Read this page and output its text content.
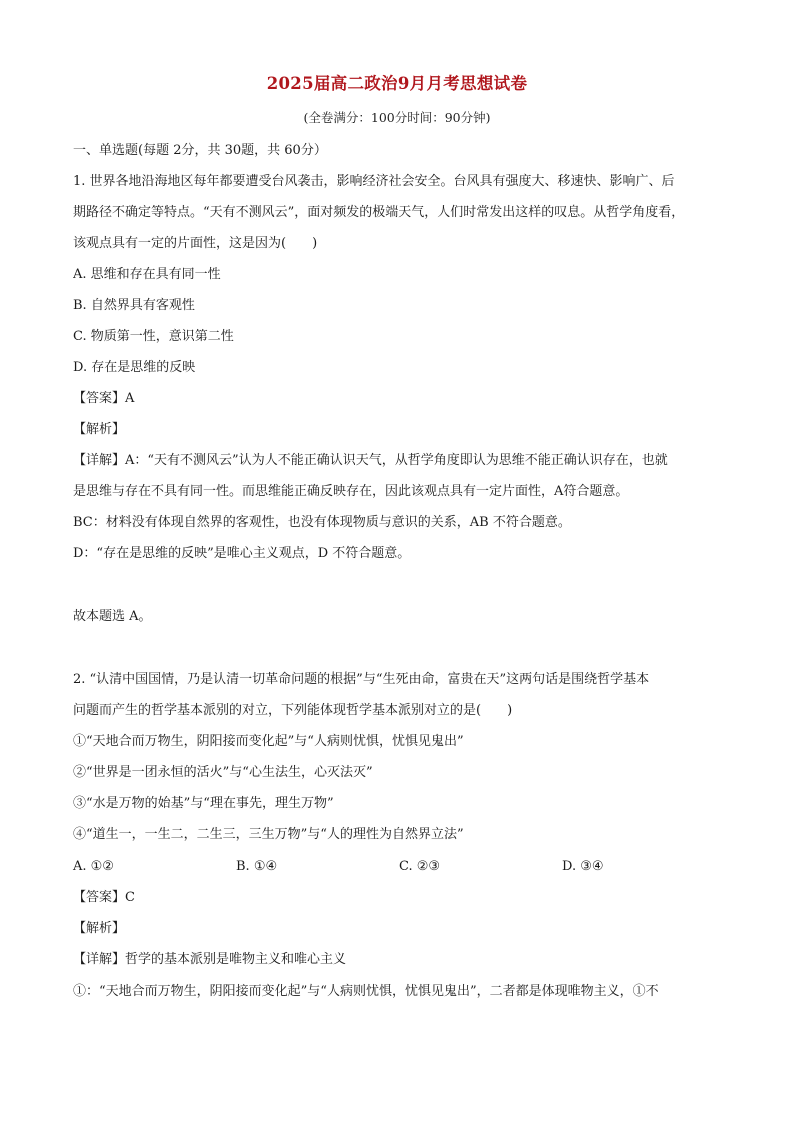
2025届高二政治9月月考思想试卷
(全卷满分：100分时间：90分钟)
一、单选题(每题 2分，共 30题，共 60分）
1. 世界各地沿海地区每年都要遭受台风袭击，影响经济社会安全。台风具有强度大、移速快、影响广、后
期路径不确定等特点。“天有不测风云”，面对频发的极端天气，人们时常发出这样的叹息。从哲学角度看，
该观点具有一定的片面性，这是因为(　　)
A. 思维和存在具有同一性
B. 自然界具有客观性
C. 物质第一性，意识第二性
D. 存在是思维的反映
【答案】A
【解析】
【详解】A：“天有不测风云”认为人不能正确认识天气，从哲学角度即认为思维不能正确认识存在，也就
是思维与存在不具有同一性。而思维能正确反映存在，因此该观点具有一定片面性，A符合题意。
BC：材料没有体现自然界的客观性，也没有体现物质与意识的关系，AB 不符合题意。
D：“存在是思维的反映”是唯心主义观点，D 不符合题意。
故本题选 A。
2. “认清中国国情，乃是认清一切革命问题的根据”与“生死由命，富贵在天”这两句话是围绕哲学基本
问题而产生的哲学基本派别的对立，下列能体现哲学基本派别对立的是(　　)
①“天地合而万物生，阴阳接而变化起”与“人病则忧惧，忧惧见鬼出”
②“世界是一团永恒的活火”与“心生法生，心灭法灭”
③“水是万物的始基”与“理在事先，理生万物”
④“道生一，一生二，二生三，三生万物”与“人的理性为自然界立法”
A. ①②	B. ①④	C. ②③	D. ③④
【答案】C
【解析】
【详解】哲学的基本派别是唯物主义和唯心主义
①：“天地合而万物生，阴阳接而变化起”与“人病则忧惧，忧惧见鬼出”，二者都是体现唯物主义，①不
